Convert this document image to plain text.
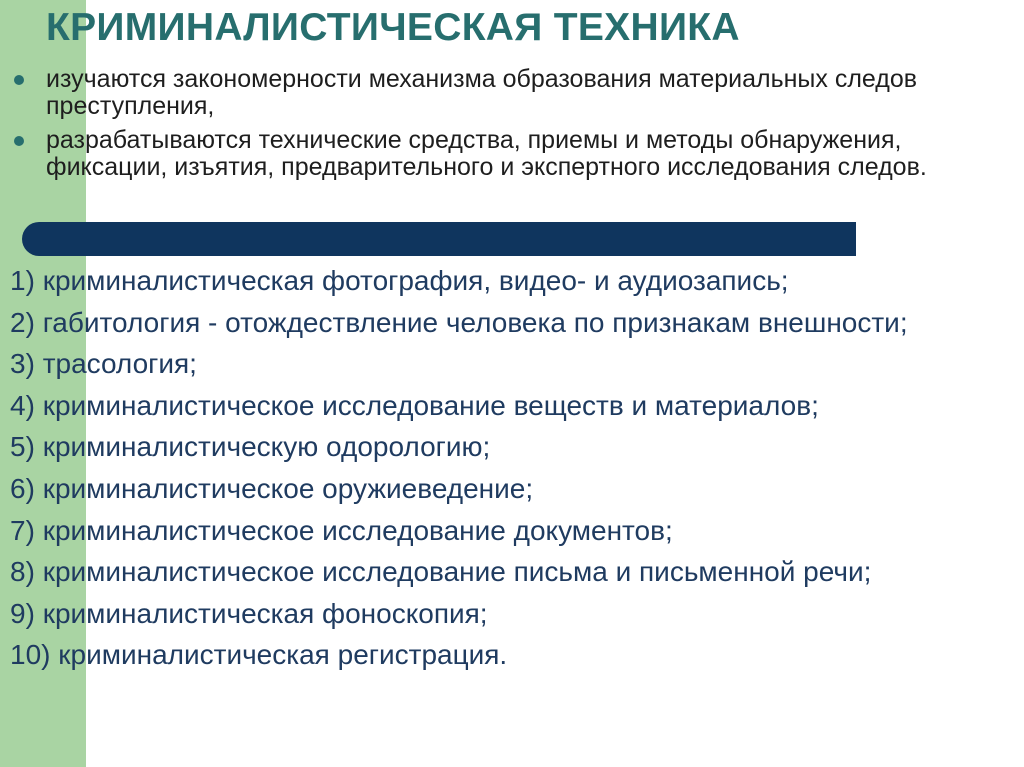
КРИМИНАЛИСТИЧЕСКАЯ ТЕХНИКА
изучаются закономерности механизма образования материальных следов преступления,
разрабатываются технические средства, приемы и методы обнаружения, фиксации, изъятия, предварительного и экспертного исследования следов.
1) криминалистическая фотография, видео- и аудиозапись;
2) габитология - отождествление человека по признакам внешности;
3) трасология;
4) криминалистическое исследование веществ и материалов;
5) криминалистическую одорологию;
6) криминалистическое оружиеведение;
7) криминалистическое исследование документов;
8) криминалистическое исследование письма и письменной речи;
9) криминалистическая фоноскопия;
10) криминалистическая регистрация.
